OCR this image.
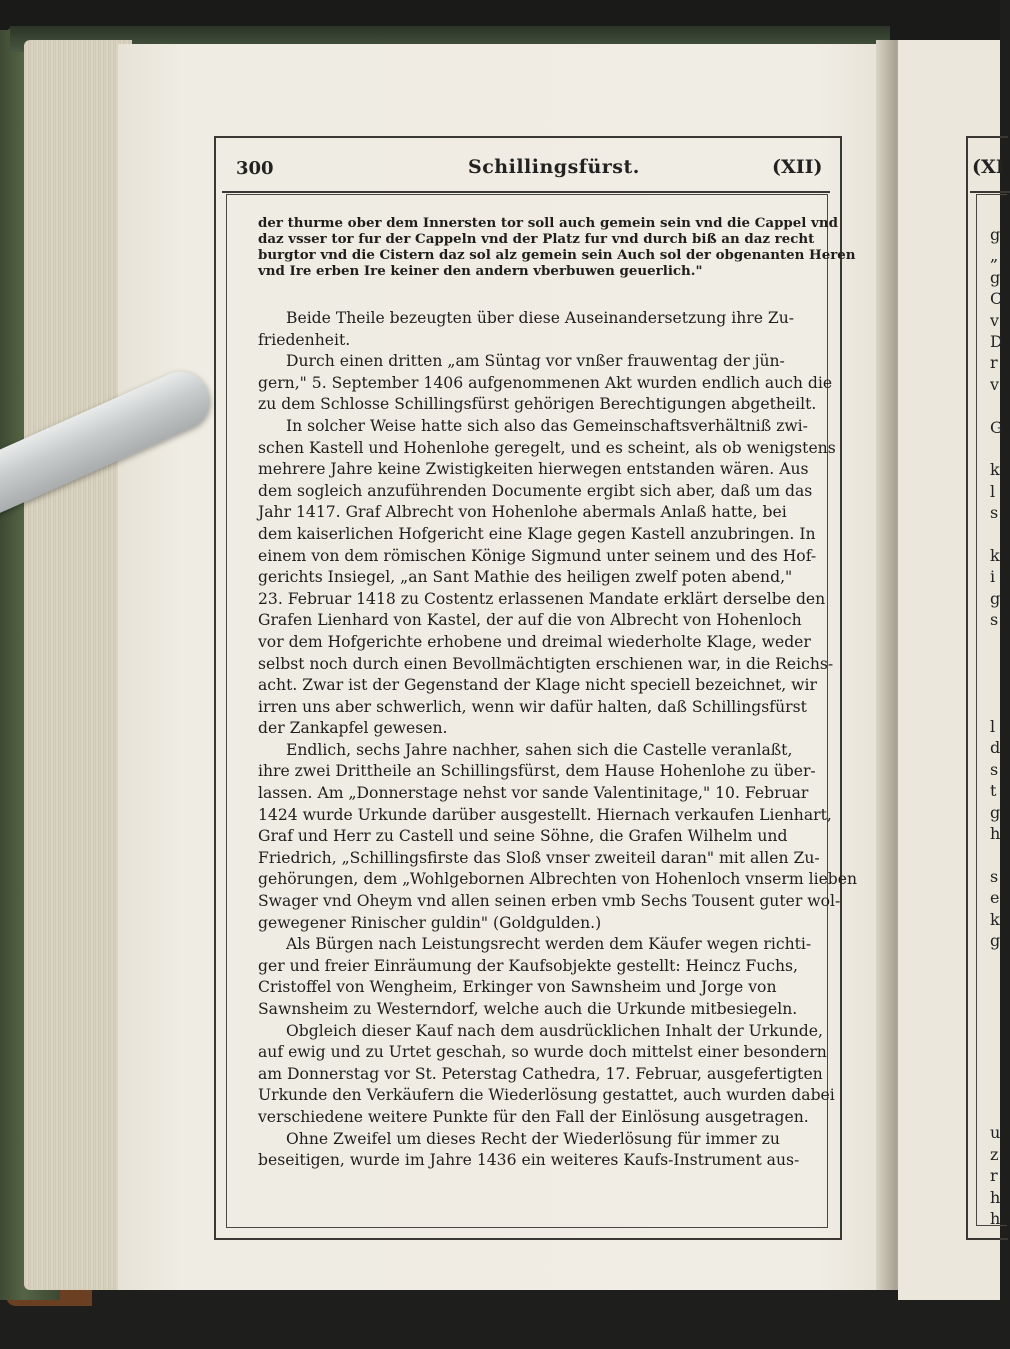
300	Schillingsfürst.	(XII)
der thurme ober dem Innersten tor soll auch gemein sein vnd die Cappel vnd
daz vsser tor fur der Cappeln vnd der Platz fur vnd durch biß an daz recht
burgtor vnd die Cistern daz sol alz gemein sein Auch sol der obgenanten Heren
vnd Ire erben Ire keiner den andern vberbuwen geuerlich."
Beide Theile bezeugten über diese Auseinandersetzung ihre Zu-
friedenheit.
Durch einen dritten „am Süntag vor vnßer frauwentag der jün-
gern," 5. September 1406 aufgenommenen Akt wurden endlich auch die
zu dem Schlosse Schillingsfürst gehörigen Berechtigungen abgetheilt.
In solcher Weise hatte sich also das Gemeinschaftsverhältniß zwi-
schen Kastell und Hohenlohe geregelt, und es scheint, als ob wenigstens
mehrere Jahre keine Zwistigkeiten hierwegen entstanden wären. Aus
dem sogleich anzuführenden Documente ergibt sich aber, daß um das
Jahr 1417. Graf Albrecht von Hohenlohe abermals Anlaß hatte, bei
dem kaiserlichen Hofgericht eine Klage gegen Kastell anzubringen. In
einem von dem römischen Könige Sigmund unter seinem und des Hof-
gerichts Insiegel, „an Sant Mathie des heiligen zwelf poten abend,"
23. Februar 1418 zu Costentz erlassenen Mandate erklärt derselbe den
Grafen Lienhard von Kastel, der auf die von Albrecht von Hohenloch
vor dem Hofgerichte erhobene und dreimal wiederholte Klage, weder
selbst noch durch einen Bevollmächtigten erschienen war, in die Reichs-
acht. Zwar ist der Gegenstand der Klage nicht speciell bezeichnet, wir
irren uns aber schwerlich, wenn wir dafür halten, daß Schillingsfürst
der Zankapfel gewesen.
Endlich, sechs Jahre nachher, sahen sich die Castelle veranlaßt,
ihre zwei Drittheile an Schillingsfürst, dem Hause Hohenlohe zu über-
lassen. Am „Donnerstage nehst vor sande Valentinitage," 10. Februar
1424 wurde Urkunde darüber ausgestellt. Hiernach verkaufen Lienhart,
Graf und Herr zu Castell und seine Söhne, die Grafen Wilhelm und
Friedrich, „Schillingsfirste das Sloß vnser zweiteil daran" mit allen Zu-
gehörungen, dem „Wohlgebornen Albrechten von Hohenloch vnserm lieben
Swager vnd Oheym vnd allen seinen erben vmb Sechs Tousent guter wol-
gewegener Rinischer guldin" (Goldgulden.)
Als Bürgen nach Leistungsrecht werden dem Käufer wegen richti-
ger und freier Einräumung der Kaufsobjekte gestellt: Heincz Fuchs,
Cristoffel von Wengheim, Erkinger von Sawnsheim und Jorge von
Sawnsheim zu Westerndorf, welche auch die Urkunde mitbesiegeln.
Obgleich dieser Kauf nach dem ausdrücklichen Inhalt der Urkunde,
auf ewig und zu Urtet geschah, so wurde doch mittelst einer besondern
am Donnerstag vor St. Peterstag Cathedra, 17. Februar, ausgefertigten
Urkunde den Verkäufern die Wiederlösung gestattet, auch wurden dabei
verschiedene weitere Punkte für den Fall der Einlösung ausgetragen.
Ohne Zweifel um dieses Recht der Wiederlösung für immer zu
beseitigen, wurde im Jahre 1436 ein weiteres Kaufs-Instrument aus-
(XI
g
„
g
C
v
D
r
v
G
k
l
s
k
i
g
s
l
d
s
t
g
h
s
e
k
g
u
z
r
h
h
